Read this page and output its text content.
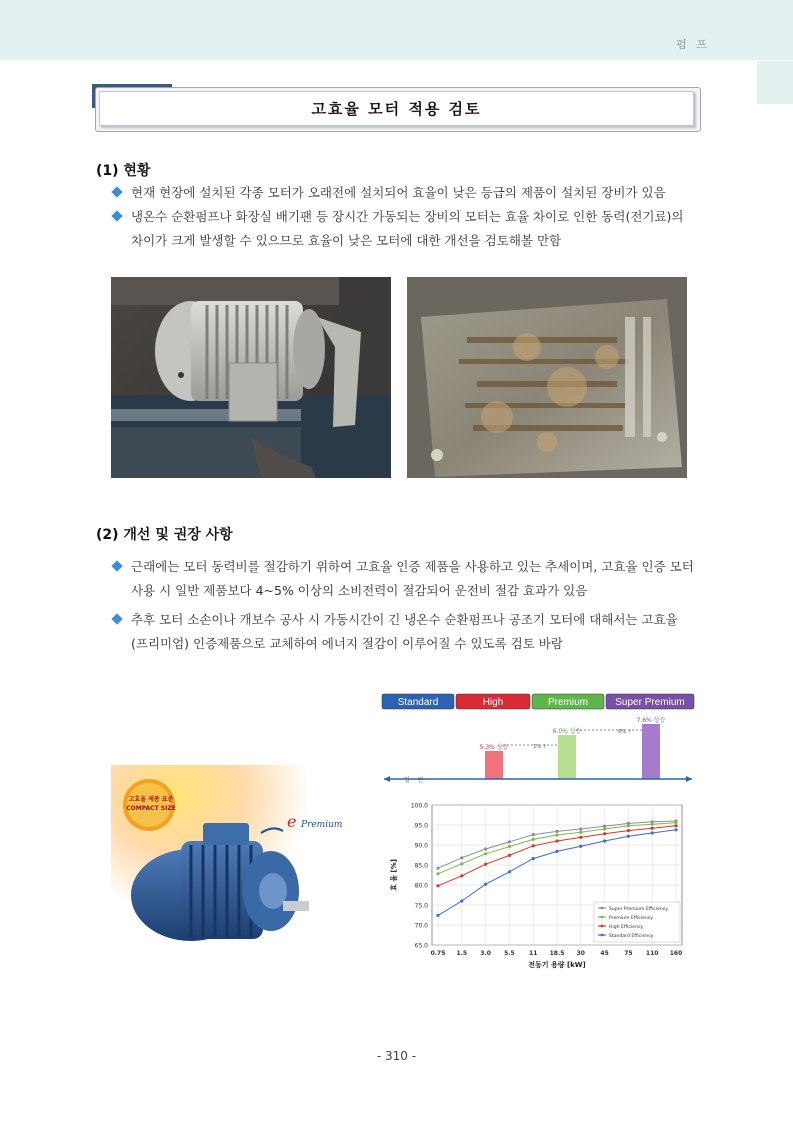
펌 프
고효율 모터 적용 검토
(1) 현황
현재 현장에 설치된 각종 모터가 오래전에 설치되어 효율이 낮은 등급의 제품이 설치된 장비가 있음
냉온수 순환펌프나 화장실 배기팬 등 장시간 가동되는 장비의 모터는 효율 차이로 인한 동력(전기료)의
차이가 크게 발생할 수 있으므로 효율이 낮은 모터에 대한 개선을 검토해볼 만함
(2) 개선 및 권장 사항
근래에는 모터 동력비를 절감하기 위하여 고효율 인증 제품을 사용하고 있는 추세이며, 고효율 인증 모터
사용 시 일반 제품보다 4~5% 이상의 소비전력이 절감되어 운전비 절감 효과가 있음
추후 모터 소손이나 개보수 공사 시 가동시간이 긴 냉온수 순환펌프나 공조기 모터에 대해서는 고효율
(프리미엄) 인증제품으로 교체하여 에너지 절감이 이루어질 수 있도록 검토 바람
e
고효율 제품 표준
COMPACT SIZE
Premium
Standard	High	Premium	Super Premium
5.3% 상승
6.0% 상승
7.6% 상승
1% ↑
6% ↑
일 반
100.0
95.0
90.0
85.0
80.0
75.0
70.0
65.0
0.75 1.5 3.0 5.5 11 18.5 30	45	75 110 160
전동기 용량 [kW]
효 율 [%]
Super Premium Efficiency
Premium Efficiency
High Efficiency
Standard Efficiency
- 310 -
